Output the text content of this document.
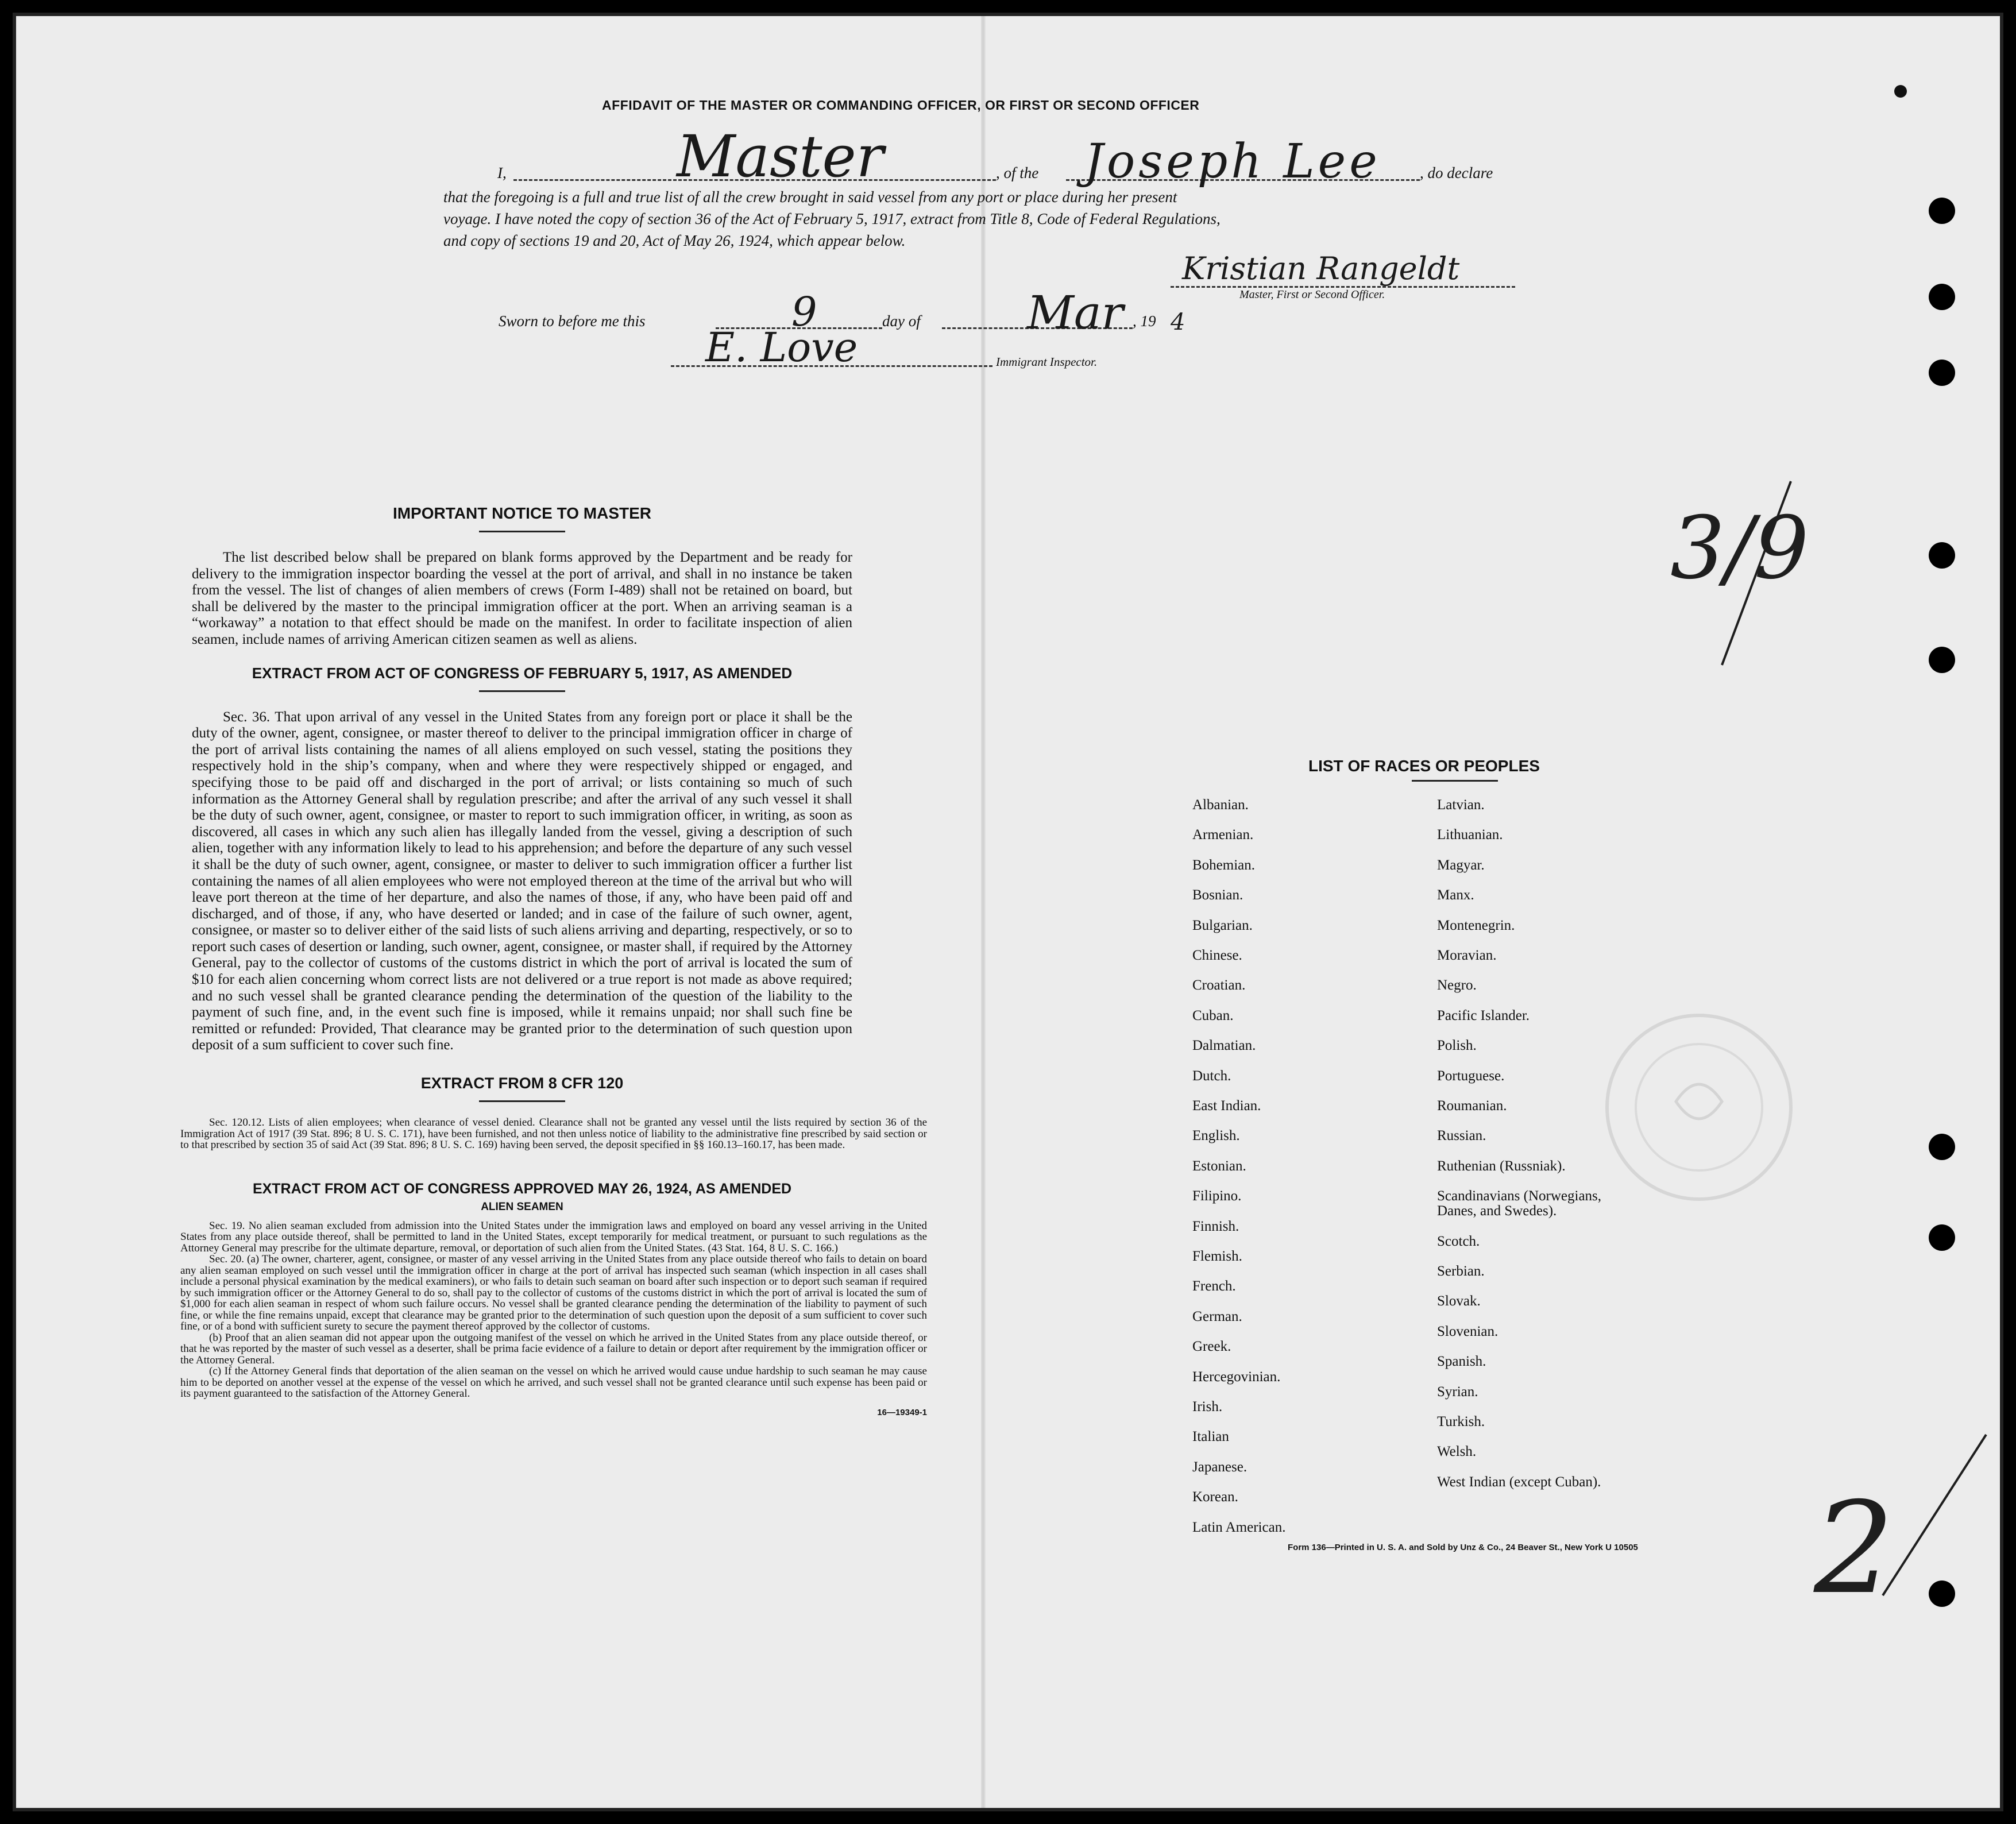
AFFIDAVIT OF THE MASTER OR COMMANDING OFFICER, OR FIRST OR SECOND OFFICER
I,	Master	, of the Joseph Lee	, do declare
that the foregoing is a full and true list of all the crew brought in said vessel from any port or place during her present
voyage. I have noted the copy of section 36 of the Act of February 5, 1917, extract from Title 8, Code of Federal Regulations,
and copy of sections 19 and 20, Act of May 26, 1924, which appear below.
Kristian Rangeldt
Master, First or Second Officer.
Sworn to before me this	9	day of Mar , 19 4
E. Love	Immigrant Inspector.
IMPORTANT NOTICE TO MASTER
The list described below shall be prepared on blank forms approved by the Department and be ready for delivery to the immigration inspector boarding the vessel at the port of arrival, and shall in no instance be taken from the vessel. The list of changes of alien members of crews (Form I-489) shall not be retained on board, but shall be delivered by the master to the principal immigration officer at the port. When an arriving seaman is a “workaway” a notation to that effect should be made on the manifest. In order to facilitate inspection of alien seamen, include names of arriving American citizen seamen as well as aliens.
EXTRACT FROM ACT OF CONGRESS OF FEBRUARY 5, 1917, AS AMENDED
Sec. 36. That upon arrival of any vessel in the United States from any foreign port or place it shall be the duty of the owner, agent, consignee, or master thereof to deliver to the principal immigration officer in charge of the port of arrival lists containing the names of all aliens employed on such vessel, stating the positions they respectively hold in the ship’s company, when and where they were respectively shipped or engaged, and specifying those to be paid off and discharged in the port of arrival; or lists containing so much of such information as the Attorney General shall by regulation prescribe; and after the arrival of any such vessel it shall be the duty of such owner, agent, consignee, or master to report to such immigration officer, in writing, as soon as discovered, all cases in which any such alien has illegally landed from the vessel, giving a description of such alien, together with any information likely to lead to his apprehension; and before the departure of any such vessel it shall be the duty of such owner, agent, consignee, or master to deliver to such immigration officer a further list containing the names of all alien employees who were not employed thereon at the time of the arrival but who will leave port thereon at the time of her departure, and also the names of those, if any, who have been paid off and discharged, and of those, if any, who have deserted or landed; and in case of the failure of such owner, agent, consignee, or master so to deliver either of the said lists of such aliens arriving and departing, respectively, or so to report such cases of desertion or landing, such owner, agent, consignee, or master shall, if required by the Attorney General, pay to the collector of customs of the customs district in which the port of arrival is located the sum of $10 for each alien concerning whom correct lists are not delivered or a true report is not made as above required; and no such vessel shall be granted clearance pending the determination of the question of the liability to the payment of such fine, and, in the event such fine is imposed, while it remains unpaid; nor shall such fine be remitted or refunded: Provided, That clearance may be granted prior to the determination of such question upon deposit of a sum sufficient to cover such fine.
EXTRACT FROM 8 CFR 120
Sec. 120.12. Lists of alien employees; when clearance of vessel denied. Clearance shall not be granted any vessel until the lists required by section 36 of the Immigration Act of 1917 (39 Stat. 896; 8 U. S. C. 171), have been furnished, and not then unless notice of liability to the administrative fine prescribed by said section or to that prescribed by section 35 of said Act (39 Stat. 896; 8 U. S. C. 169) having been served, the deposit specified in §§ 160.13–160.17, has been made.
EXTRACT FROM ACT OF CONGRESS APPROVED MAY 26, 1924, AS AMENDED
ALIEN SEAMEN
Sec. 19. No alien seaman excluded from admission into the United States under the immigration laws and employed on board any vessel arriving in the United States from any place outside thereof, shall be permitted to land in the United States, except temporarily for medical treatment, or pursuant to such regulations as the Attorney General may prescribe for the ultimate departure, removal, or deportation of such alien from the United States. (43 Stat. 164, 8 U. S. C. 166.)
Sec. 20. (a) The owner, charterer, agent, consignee, or master of any vessel arriving in the United States from any place outside thereof who fails to detain on board any alien seaman employed on such vessel until the immigration officer in charge at the port of arrival has inspected such seaman (which inspection in all cases shall include a personal physical examination by the medical examiners), or who fails to detain such seaman on board after such inspection or to deport such seaman if required by such immigration officer or the Attorney General to do so, shall pay to the collector of customs of the customs district in which the port of arrival is located the sum of $1,000 for each alien seaman in respect of whom such failure occurs. No vessel shall be granted clearance pending the determination of the liability to payment of such fine, or while the fine remains unpaid, except that clearance may be granted prior to the determination of such question upon the deposit of a sum sufficient to cover such fine, or of a bond with sufficient surety to secure the payment thereof approved by the collector of customs.
(b) Proof that an alien seaman did not appear upon the outgoing manifest of the vessel on which he arrived in the United States from any place outside thereof, or that he was reported by the master of such vessel as a deserter, shall be prima facie evidence of a failure to detain or deport after requirement by the immigration officer or the Attorney General.
(c) If the Attorney General finds that deportation of the alien seaman on the vessel on which he arrived would cause undue hardship to such seaman he may cause him to be deported on another vessel at the expense of the vessel on which he arrived, and such vessel shall not be granted clearance until such expense has been paid or its payment guaranteed to the satisfaction of the Attorney General.
16—19349-1
LIST OF RACES OR PEOPLES
Albanian.
Armenian.
Bohemian.
Bosnian.
Bulgarian.
Chinese.
Croatian.
Cuban.
Dalmatian.
Dutch.
East Indian.
English.
Estonian.
Filipino.
Finnish.
Flemish.
French.
German.
Greek.
Hercegovinian.
Irish.
Italian
Japanese.
Korean.
Latin American.
Latvian.
Lithuanian.
Magyar.
Manx.
Montenegrin.
Moravian.
Negro.
Pacific Islander.
Polish.
Portuguese.
Roumanian.
Russian.
Ruthenian (Russniak).
Scandinavians (Norwegians,
Danes, and Swedes).
Scotch.
Serbian.
Slovak.
Slovenian.
Spanish.
Syrian.
Turkish.
Welsh.
West Indian (except Cuban).
Form 136—Printed in U. S. A. and Sold by Unz & Co., 24 Beaver St., New York U 10505
3/9
2
